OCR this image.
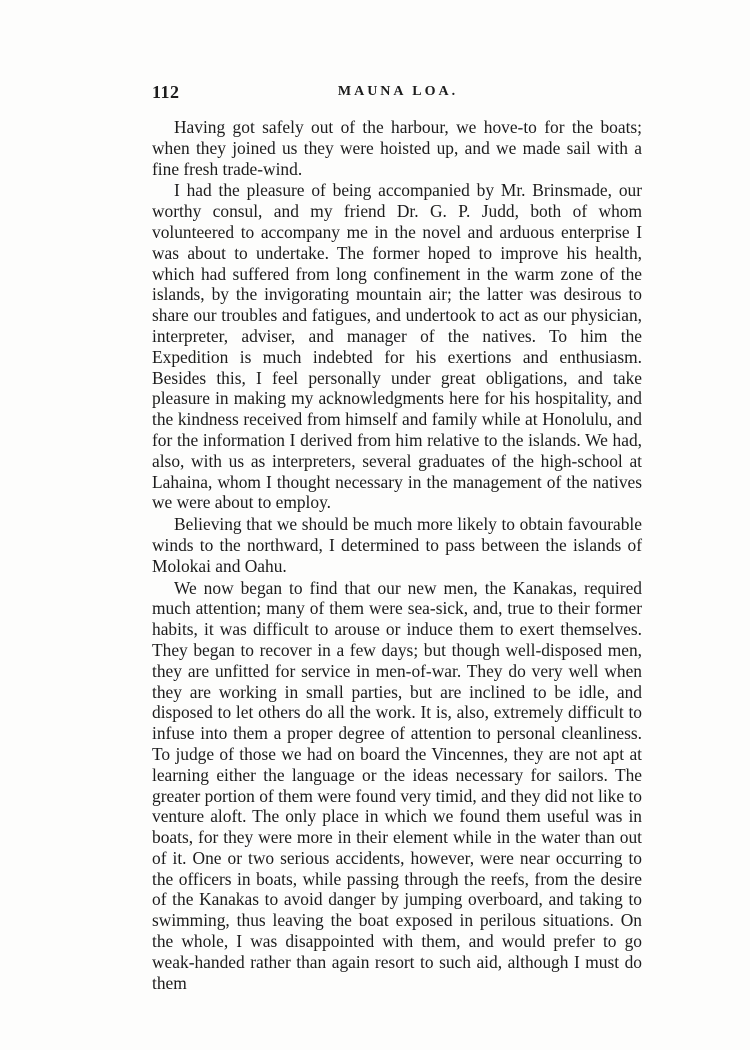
112	MAUNA LOA.

Having got safely out of the harbour, we hove-to for the boats; when they joined us they were hoisted up, and we made sail with a fine fresh trade-wind.

I had the pleasure of being accompanied by Mr. Brinsmade, our worthy consul, and my friend Dr. G. P. Judd, both of whom volunteered to accompany me in the novel and arduous enterprise I was about to undertake. The former hoped to improve his health, which had suffered from long confinement in the warm zone of the islands, by the invigorating mountain air; the latter was desirous to share our troubles and fatigues, and undertook to act as our physician, interpreter, adviser, and manager of the natives. To him the Expedition is much indebted for his exertions and enthusiasm. Besides this, I feel personally under great obligations, and take pleasure in making my acknowledgments here for his hospitality, and the kindness received from himself and family while at Honolulu, and for the information I derived from him relative to the islands. We had, also, with us as interpreters, several graduates of the high-school at Lahaina, whom I thought necessary in the management of the natives we were about to employ.

Believing that we should be much more likely to obtain favourable winds to the northward, I determined to pass between the islands of Molokai and Oahu.

We now began to find that our new men, the Kanakas, required much attention; many of them were sea-sick, and, true to their former habits, it was difficult to arouse or induce them to exert themselves. They began to recover in a few days; but though well-disposed men, they are unfitted for service in men-of-war. They do very well when they are working in small parties, but are inclined to be idle, and disposed to let others do all the work. It is, also, extremely difficult to infuse into them a proper degree of attention to personal cleanliness. To judge of those we had on board the Vincennes, they are not apt at learning either the language or the ideas necessary for sailors. The greater portion of them were found very timid, and they did not like to venture aloft. The only place in which we found them useful was in boats, for they were more in their element while in the water than out of it. One or two serious accidents, however, were near occurring to the officers in boats, while passing through the reefs, from the desire of the Kanakas to avoid danger by jumping overboard, and taking to swimming, thus leaving the boat exposed in perilous situations. On the whole, I was disappointed with them, and would prefer to go weak-handed rather than again resort to such aid, although I must do them
